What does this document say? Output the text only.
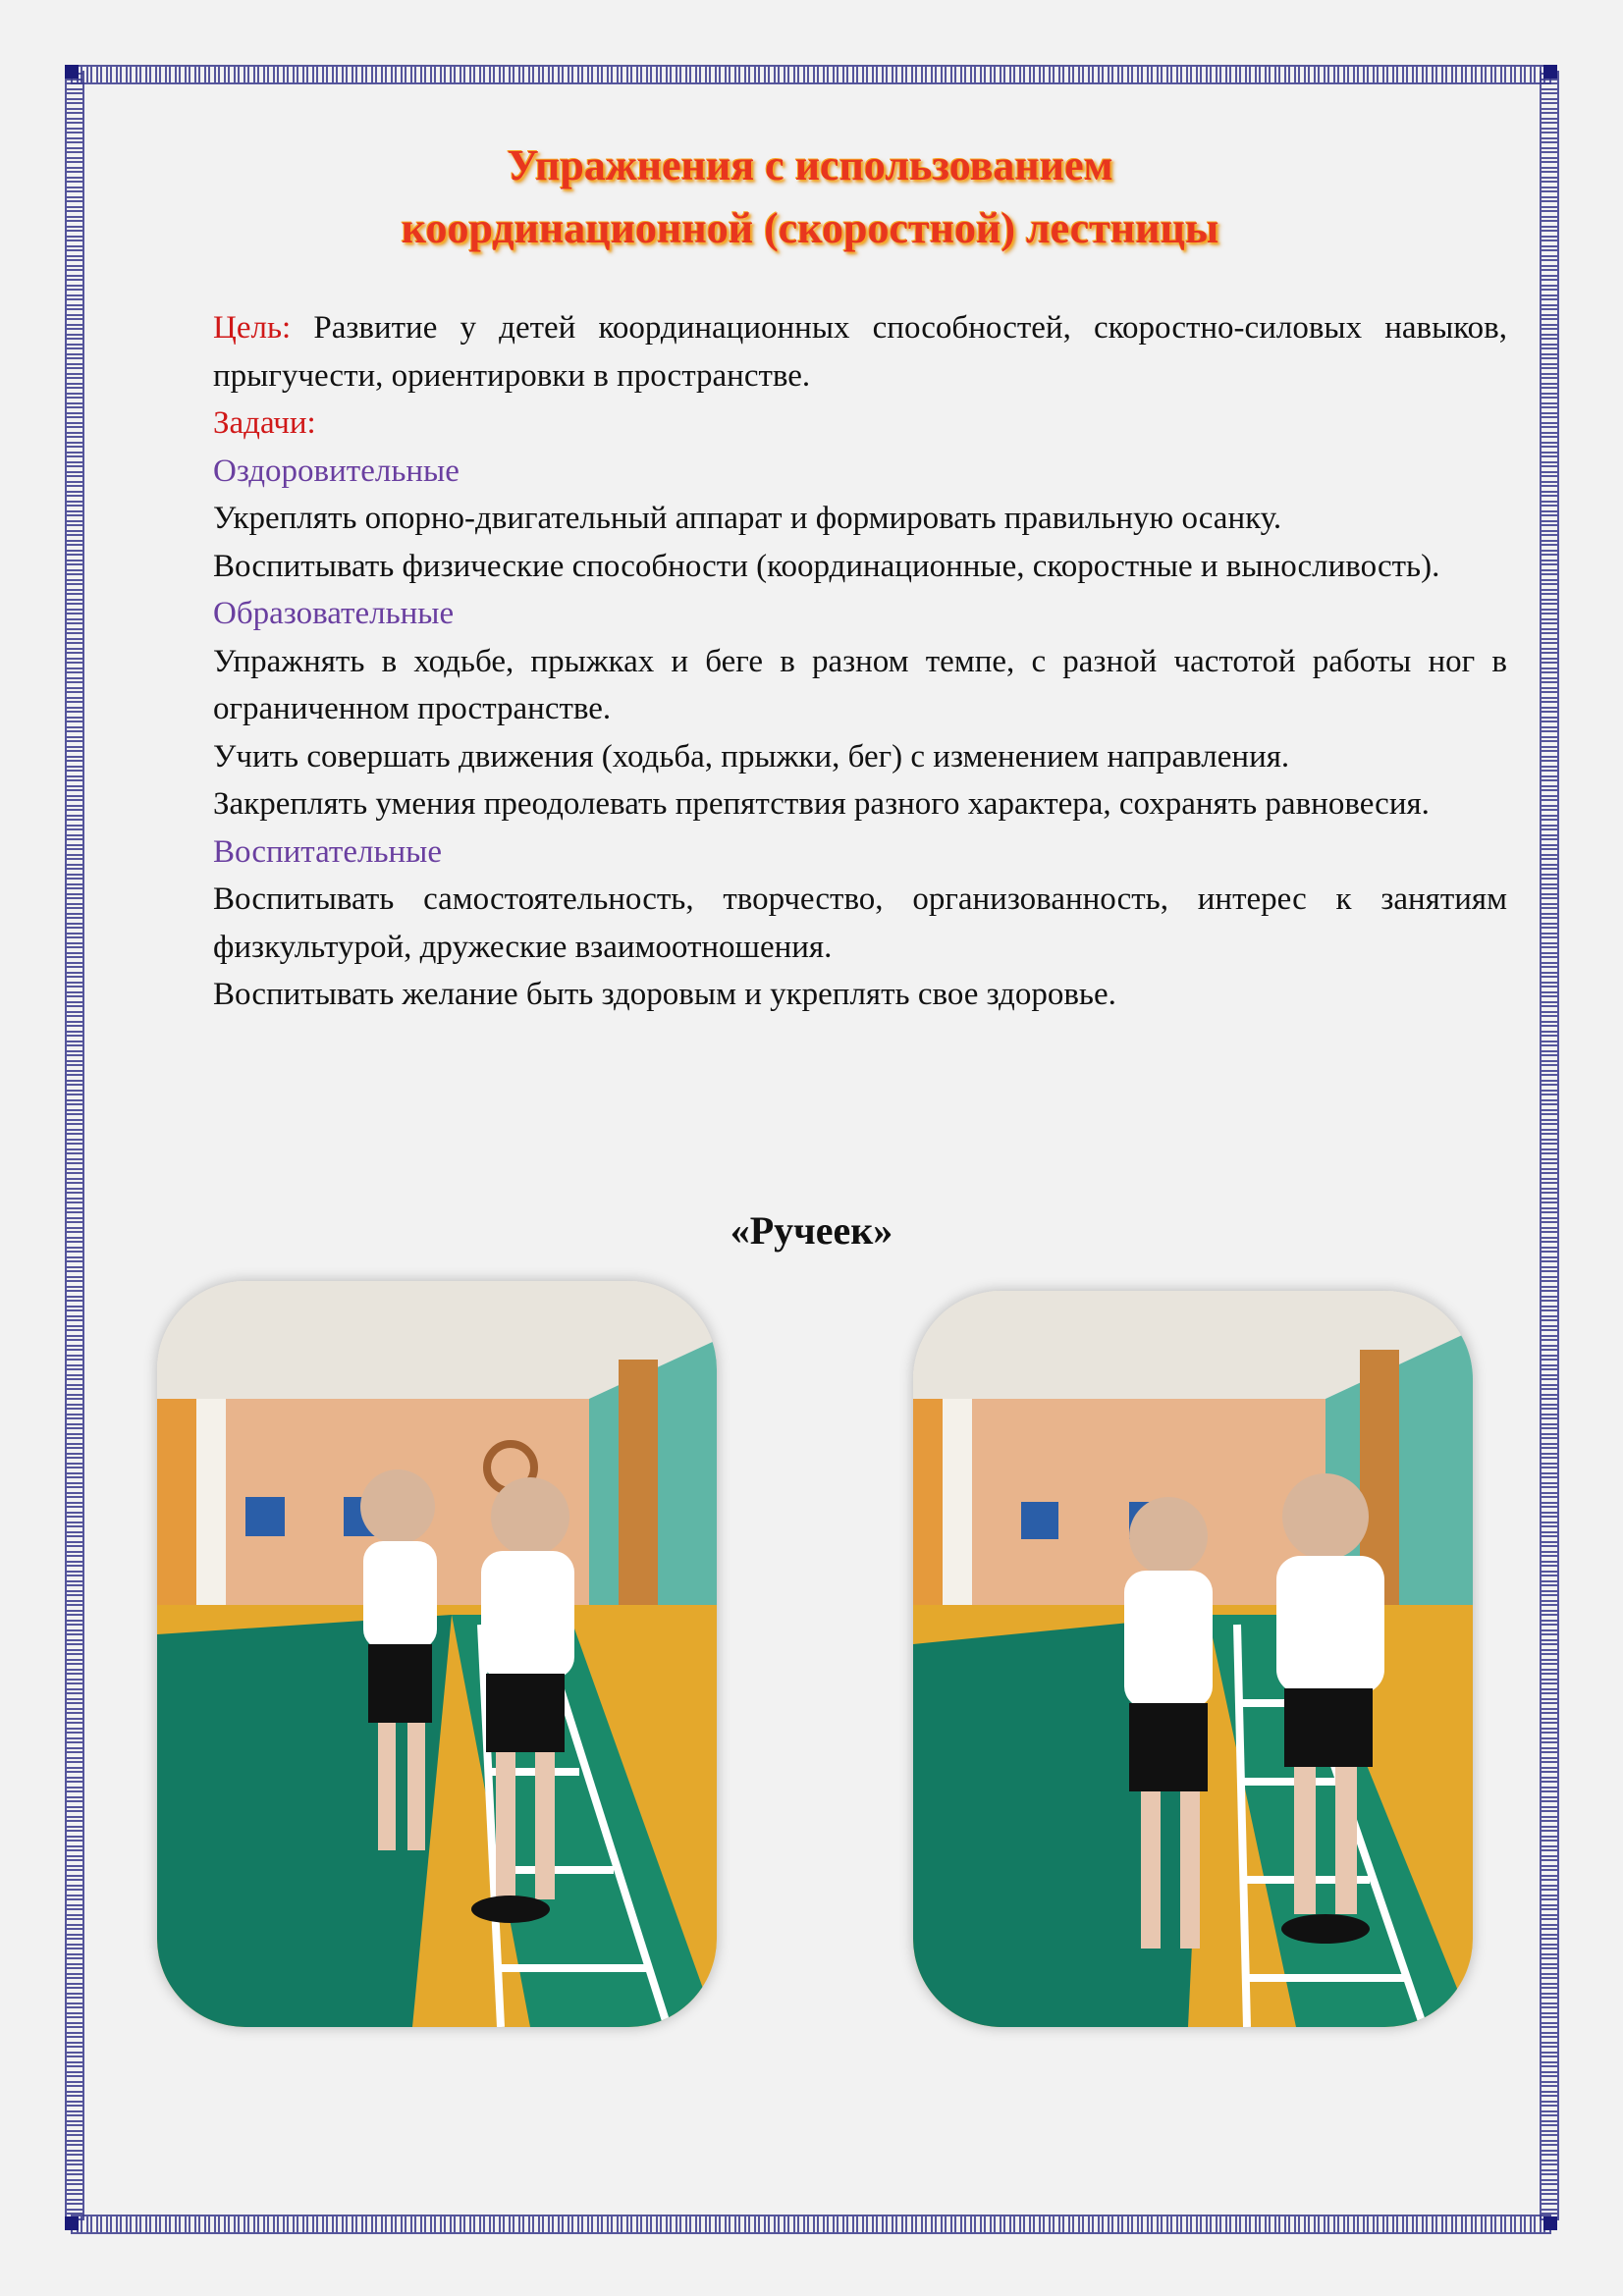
Упражнения с использованием
координационной (скоростной) лестницы

Цель: Развитие у детей координационных способностей, скоростно-силовых навыков, прыгучести, ориентировки в пространстве.

Задачи:

Оздоровительные

Укреплять опорно-двигательный аппарат и формировать правильную осанку.

Воспитывать физические способности (координационные, скоростные и выносливость).

Образовательные

Упражнять в ходьбе, прыжках и беге в разном темпе, с разной частотой работы ног в ограниченном пространстве.

Учить совершать движения (ходьба, прыжки, бег) с изменением направления.

Закреплять умения преодолевать препятствия разного характера, сохранять равновесия.

Воспитательные

Воспитывать самостоятельность, творчество, организованность, интерес к занятиям физкультурой, дружеские взаимоотношения.

Воспитывать желание быть здоровым и укреплять свое здоровье.

«Ручеек»
